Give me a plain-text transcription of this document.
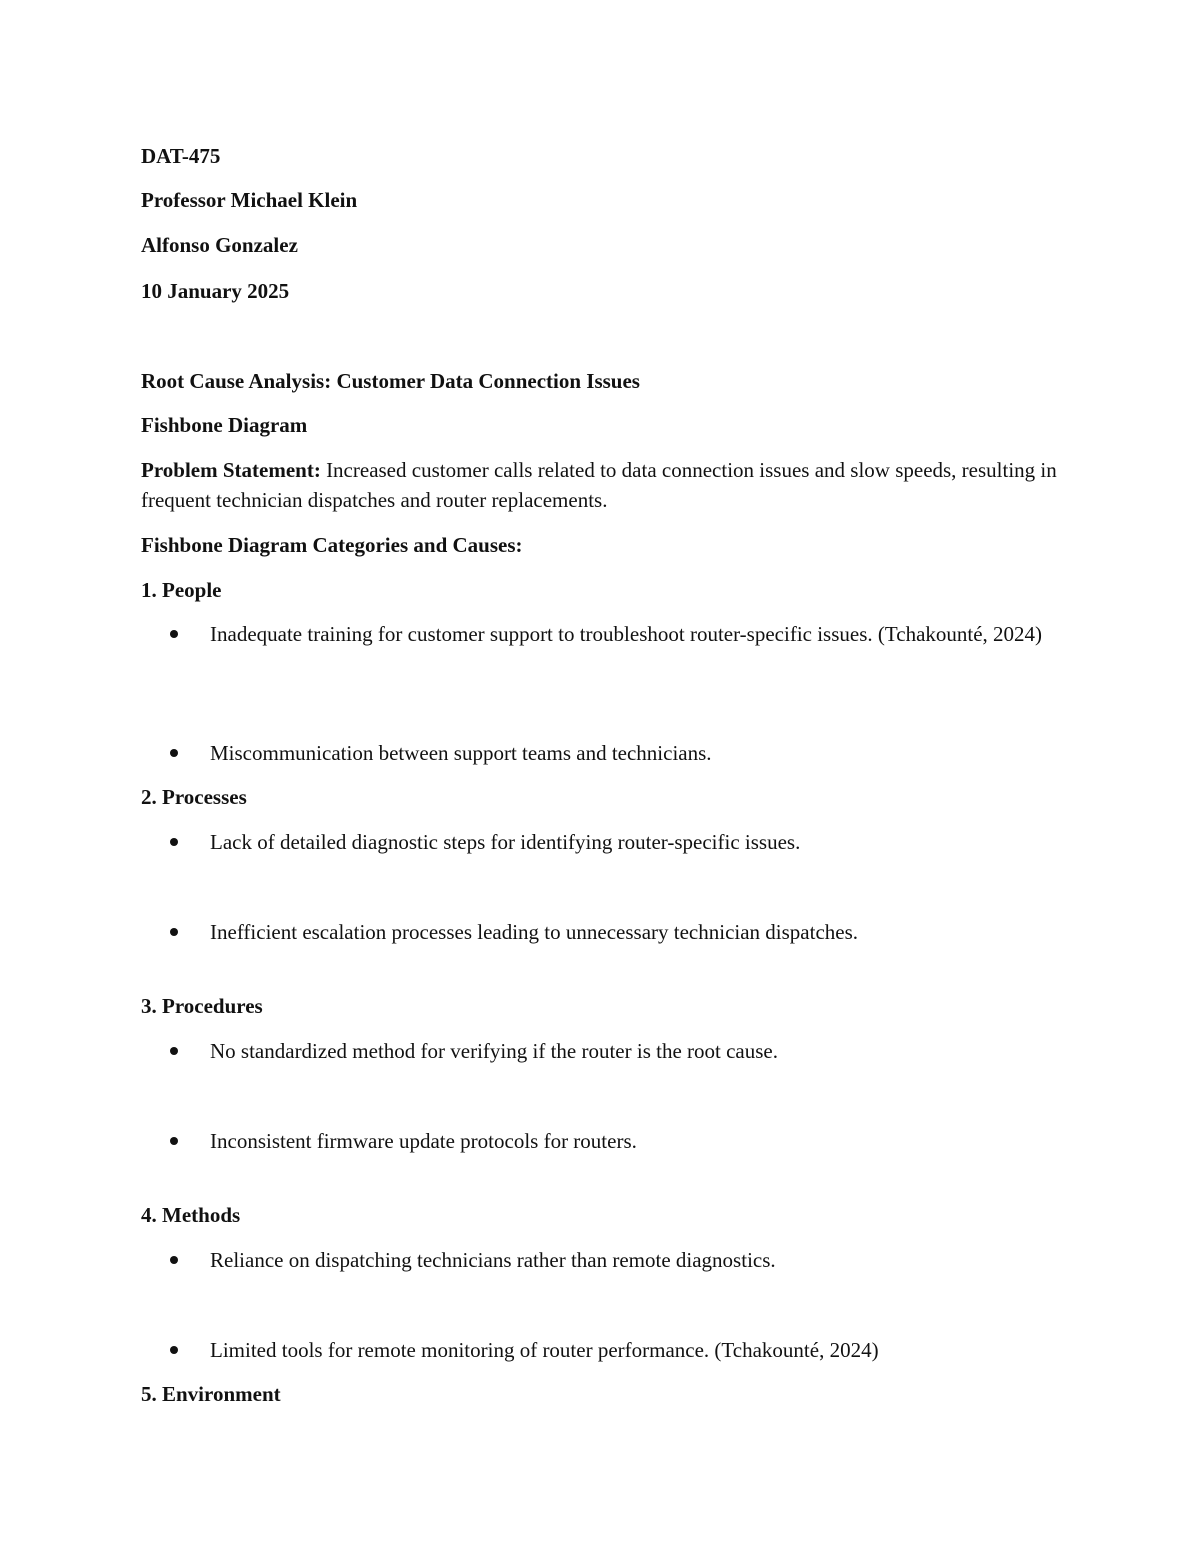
DAT-475
Professor Michael Klein
Alfonso Gonzalez
10 January 2025
Root Cause Analysis: Customer Data Connection Issues
Fishbone Diagram
Problem Statement: Increased customer calls related to data connection issues and slow speeds, resulting in frequent technician dispatches and router replacements.
Fishbone Diagram Categories and Causes:
1. People
Inadequate training for customer support to troubleshoot router-specific issues. (Tchakounté, 2024)
Miscommunication between support teams and technicians.
2. Processes
Lack of detailed diagnostic steps for identifying router-specific issues.
Inefficient escalation processes leading to unnecessary technician dispatches.
3. Procedures
No standardized method for verifying if the router is the root cause.
Inconsistent firmware update protocols for routers.
4. Methods
Reliance on dispatching technicians rather than remote diagnostics.
Limited tools for remote monitoring of router performance. (Tchakounté, 2024)
5. Environment
